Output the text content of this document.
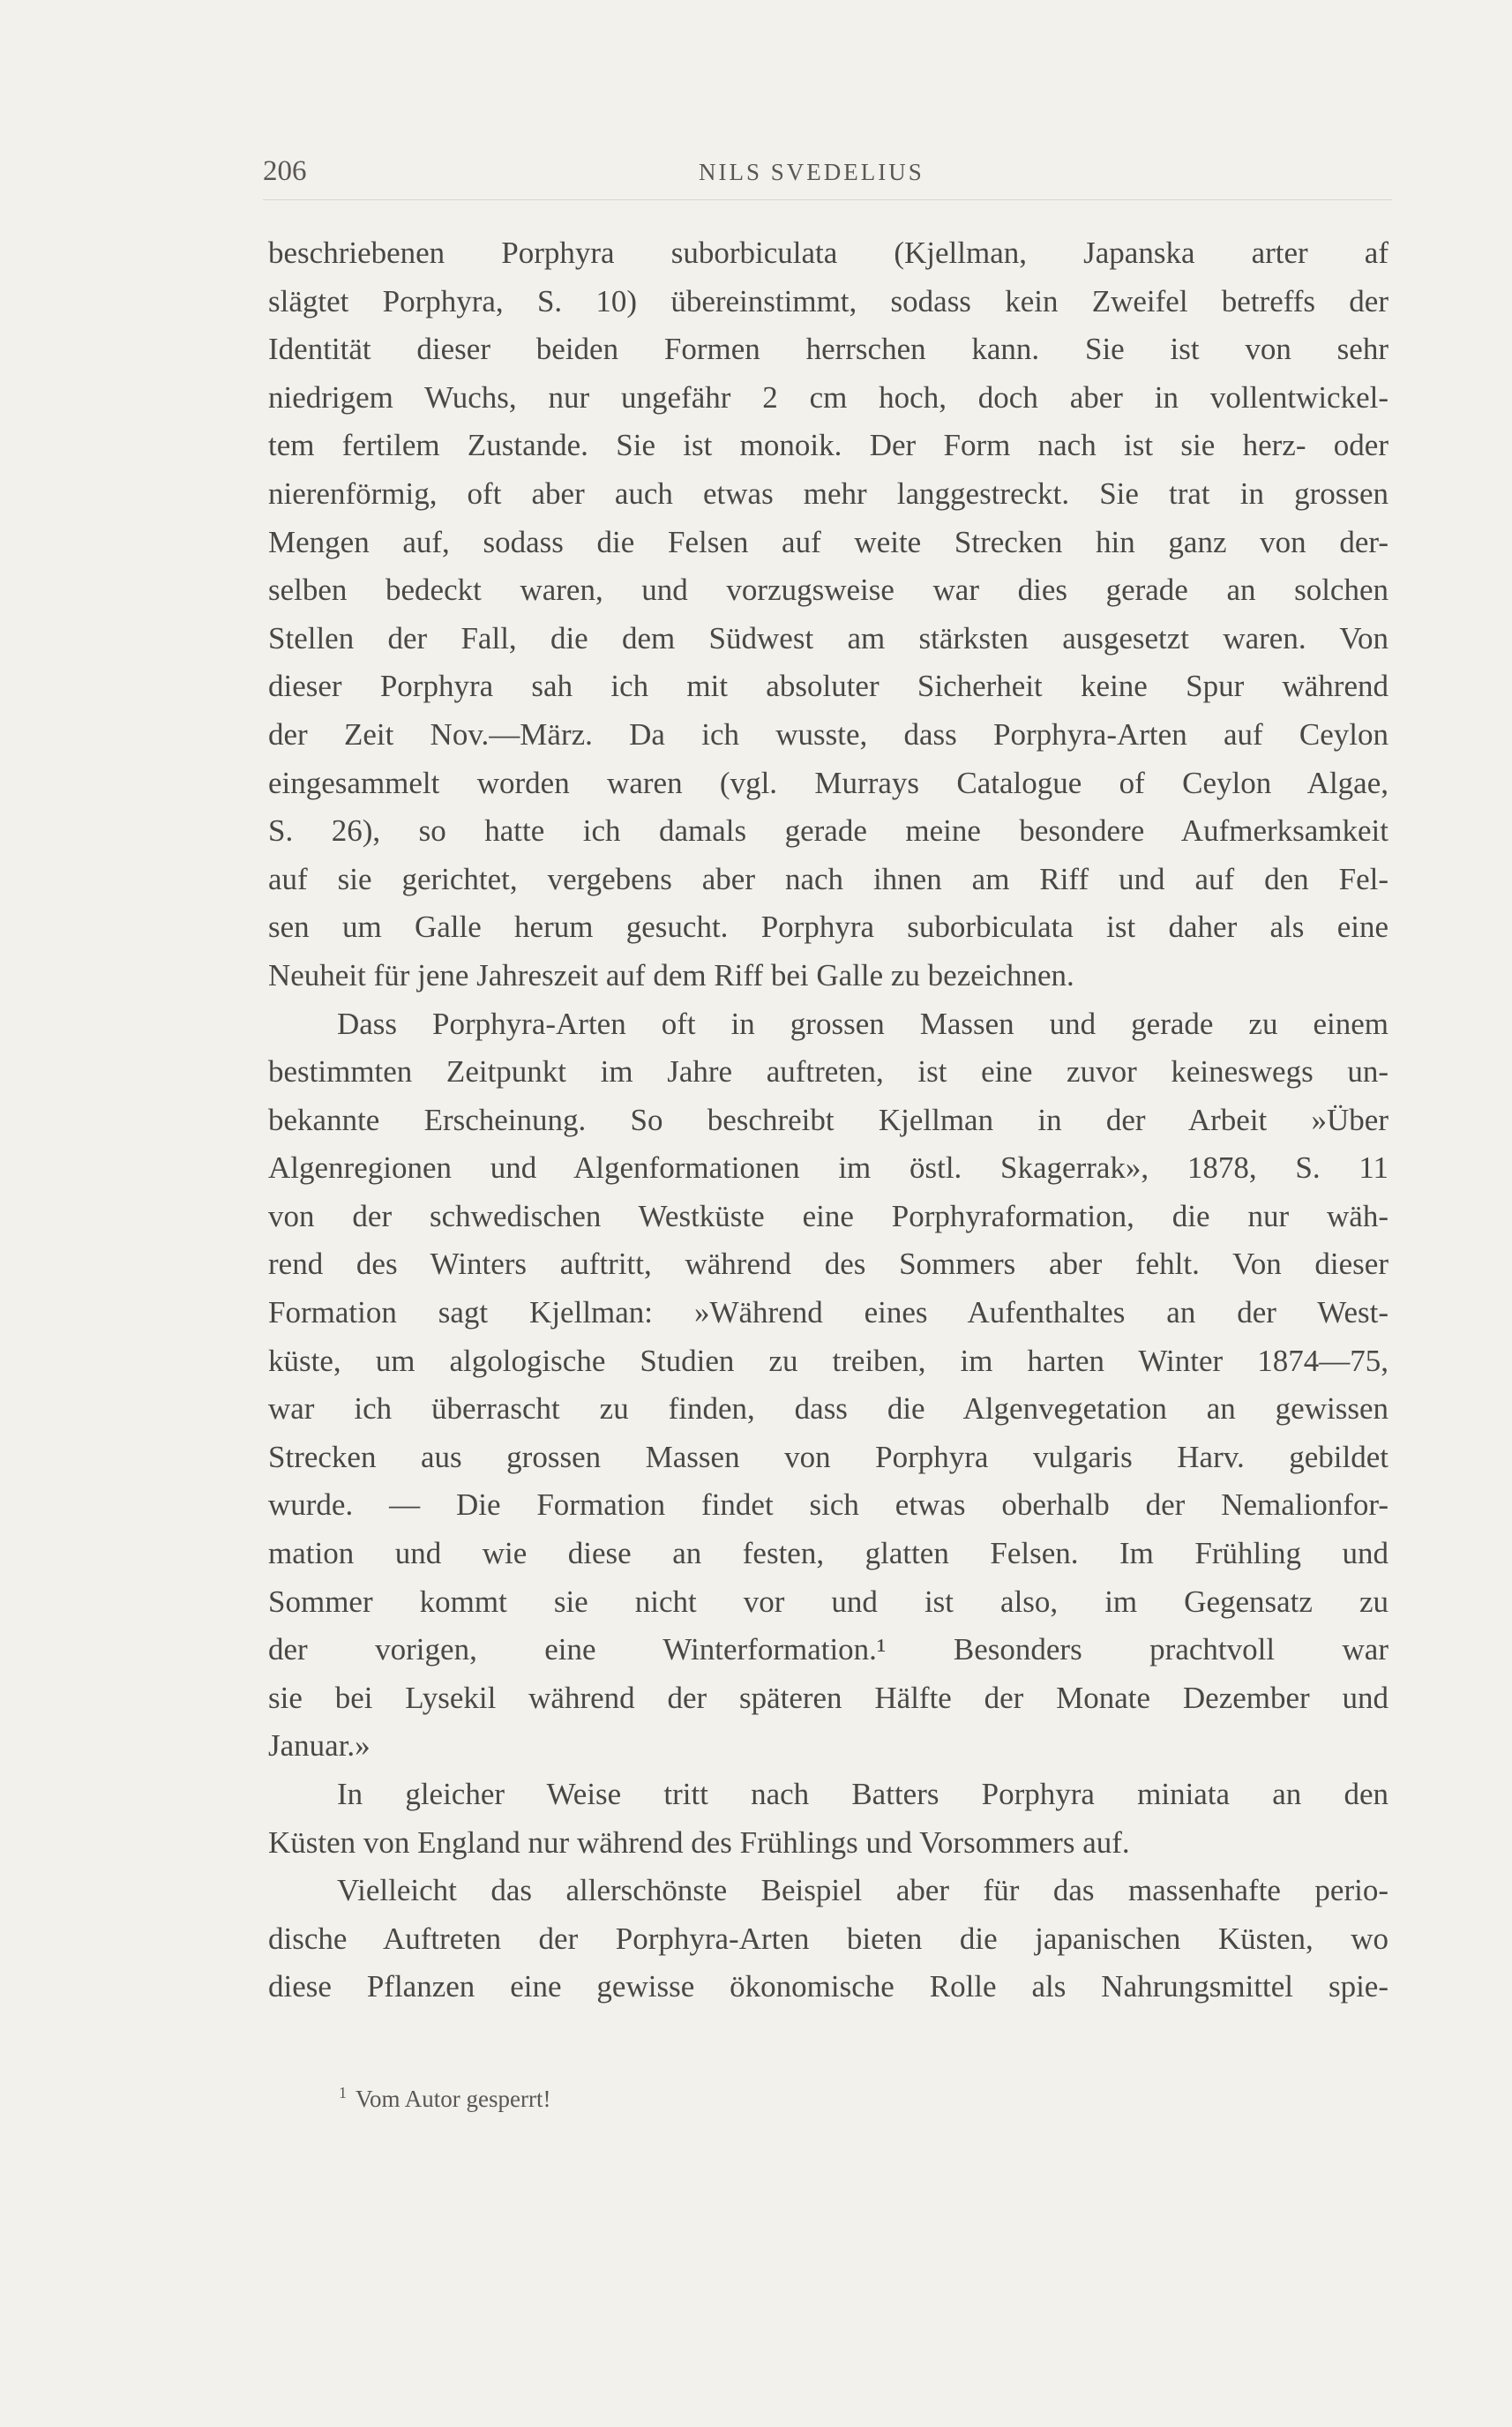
206	NILS SVEDELIUS
beschriebenen Porphyra suborbiculata (Kjellman, Japanska arter af
slägtet Porphyra, S. 10) übereinstimmt, sodass kein Zweifel betreffs der
Identität dieser beiden Formen herrschen kann. Sie ist von sehr
niedrigem Wuchs, nur ungefähr 2 cm hoch, doch aber in vollentwickel-
tem fertilem Zustande. Sie ist monoik. Der Form nach ist sie herz- oder
nierenförmig, oft aber auch etwas mehr langgestreckt. Sie trat in grossen
Mengen auf, sodass die Felsen auf weite Strecken hin ganz von der-
selben bedeckt waren, und vorzugsweise war dies gerade an solchen
Stellen der Fall, die dem Südwest am stärksten ausgesetzt waren. Von
dieser Porphyra sah ich mit absoluter Sicherheit keine Spur während
der Zeit Nov.—März. Da ich wusste, dass Porphyra-Arten auf Ceylon
eingesammelt worden waren (vgl. Murrays Catalogue of Ceylon Algae,
S. 26), so hatte ich damals gerade meine besondere Aufmerksamkeit
auf sie gerichtet, vergebens aber nach ihnen am Riff und auf den Fel-
sen um Galle herum gesucht. Porphyra suborbiculata ist daher als eine
Neuheit für jene Jahreszeit auf dem Riff bei Galle zu bezeichnen.
Dass Porphyra-Arten oft in grossen Massen und gerade zu einem
bestimmten Zeitpunkt im Jahre auftreten, ist eine zuvor keineswegs un-
bekannte Erscheinung. So beschreibt Kjellman in der Arbeit »Über
Algenregionen und Algenformationen im östl. Skagerrak», 1878, S. 11
von der schwedischen Westküste eine Porphyraformation, die nur wäh-
rend des Winters auftritt, während des Sommers aber fehlt. Von dieser
Formation sagt Kjellman: »Während eines Aufenthaltes an der West-
küste, um algologische Studien zu treiben, im harten Winter 1874—75,
war ich überrascht zu finden, dass die Algenvegetation an gewissen
Strecken aus grossen Massen von Porphyra vulgaris Harv. gebildet
wurde. — Die Formation findet sich etwas oberhalb der Nemalionfor-
mation und wie diese an festen, glatten Felsen. Im Frühling und
Sommer kommt sie nicht vor und ist also, im Gegensatz zu
der vorigen, eine Winterformation.¹ Besonders prachtvoll war
sie bei Lysekil während der späteren Hälfte der Monate Dezember und
Januar.»
In gleicher Weise tritt nach Batters Porphyra miniata an den
Küsten von England nur während des Frühlings und Vorsommers auf.
Vielleicht das allerschönste Beispiel aber für das massenhafte perio-
dische Auftreten der Porphyra-Arten bieten die japanischen Küsten, wo
diese Pflanzen eine gewisse ökonomische Rolle als Nahrungsmittel spie-
$^1$ Vom Autor gesperrt!
